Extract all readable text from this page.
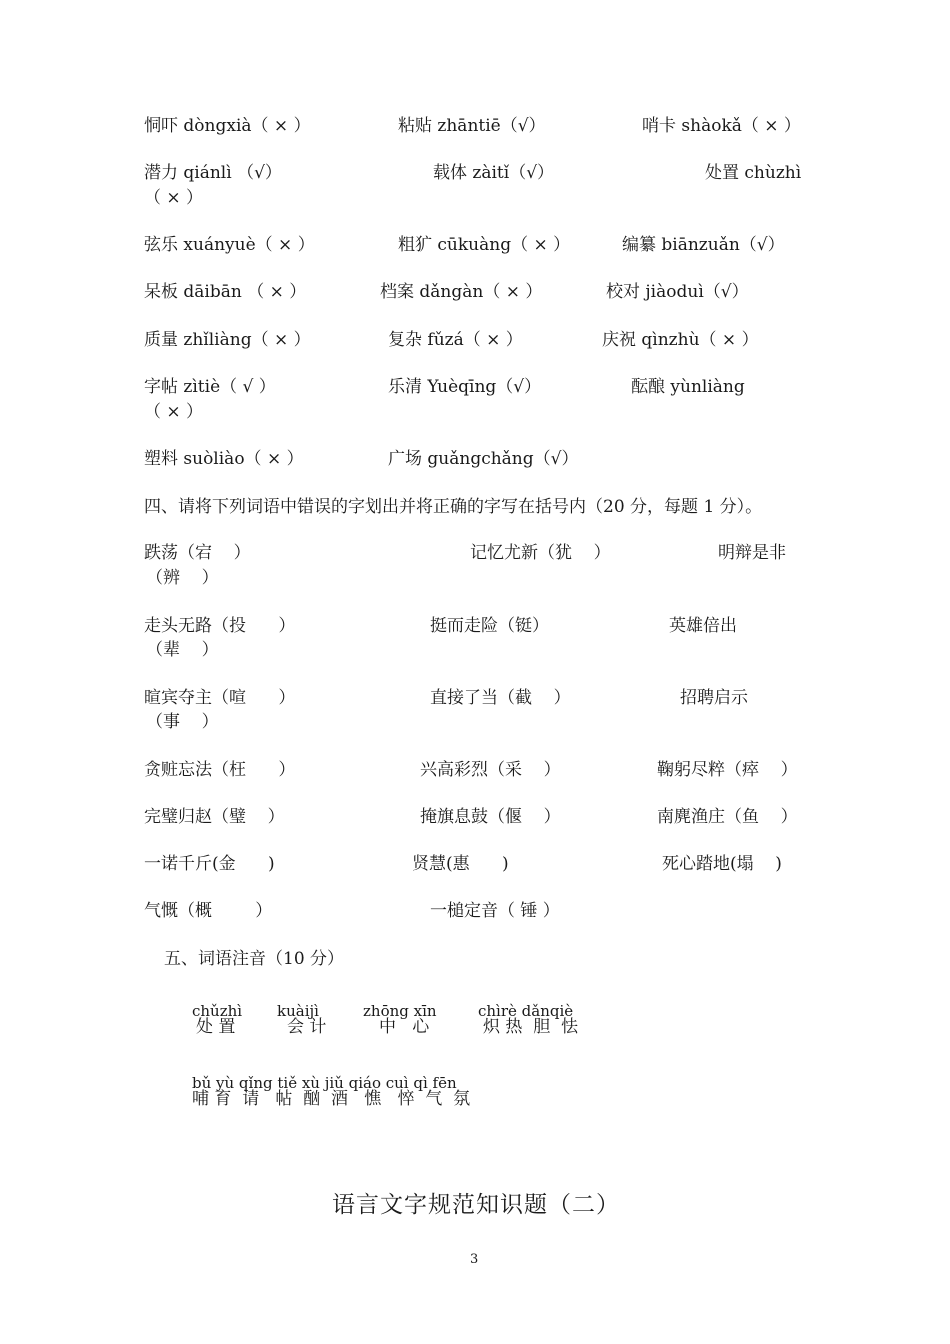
恫吓 dòngxià（ × ）	粘贴 zhāntiē（√）	哨卡 shàokǎ（ × ）
潜力 qiánlì （√）	载体 zàitǐ（√）	处置 chùzhì
（ × ）
弦乐 xuányuè（ × ）	粗犷 cūkuàng（ × ）	编纂 biānzuǎn（√）
呆板 dāibān （ × ）	档案 dǎngàn（ × ）	校对 jiàoduì（√）
质量 zhǐliàng（ × ）	复杂 fǔzá（ × ）	庆祝 qìnzhù（ × ）
字帖 zìtiè（ √ ）	乐清 Yuèqīng（√）	酝酿 yùnliàng
（ × ）
塑料 suòliào（ × ）	广场 guǎngchǎng（√）
四、请将下列词语中错误的字划出并将正确的字写在括号内（20 分，每题 1 分）。
跌荡（宕    ）	记忆尤新（犹    ）	明辩是非
（辨    ）
走头无路（投      ）	挺而走险（铤）	英雄倍出
（辈    ）
暄宾夺主（喧      ）	直接了当（截    ）	招聘启示
（事    ）
贪赃忘法（枉      ）	兴高彩烈（采    ）	鞠躬尽粹（瘁    ）
完璧归赵（璧    ）	掩旗息鼓（偃    ）	南麂渔庄（鱼    ）
一诺千斤(金      )	贤慧(惠      )	死心踏地(塌    )
气慨（概        ）	一槌定音（ 锤 ）
五、词语注音（10 分）
chǔzhì
处 置
kuàijì
会 计
zhōng xīn
中   心
chìrè dǎnqiè
炽 热  胆  怯
bǔ yù qǐng tiě xù jiǔ qiáo cuì qì fēn
哺 育  请   帖  酗  酒   憔   悴  气  氛
语言文字规范知识题（二）
3
